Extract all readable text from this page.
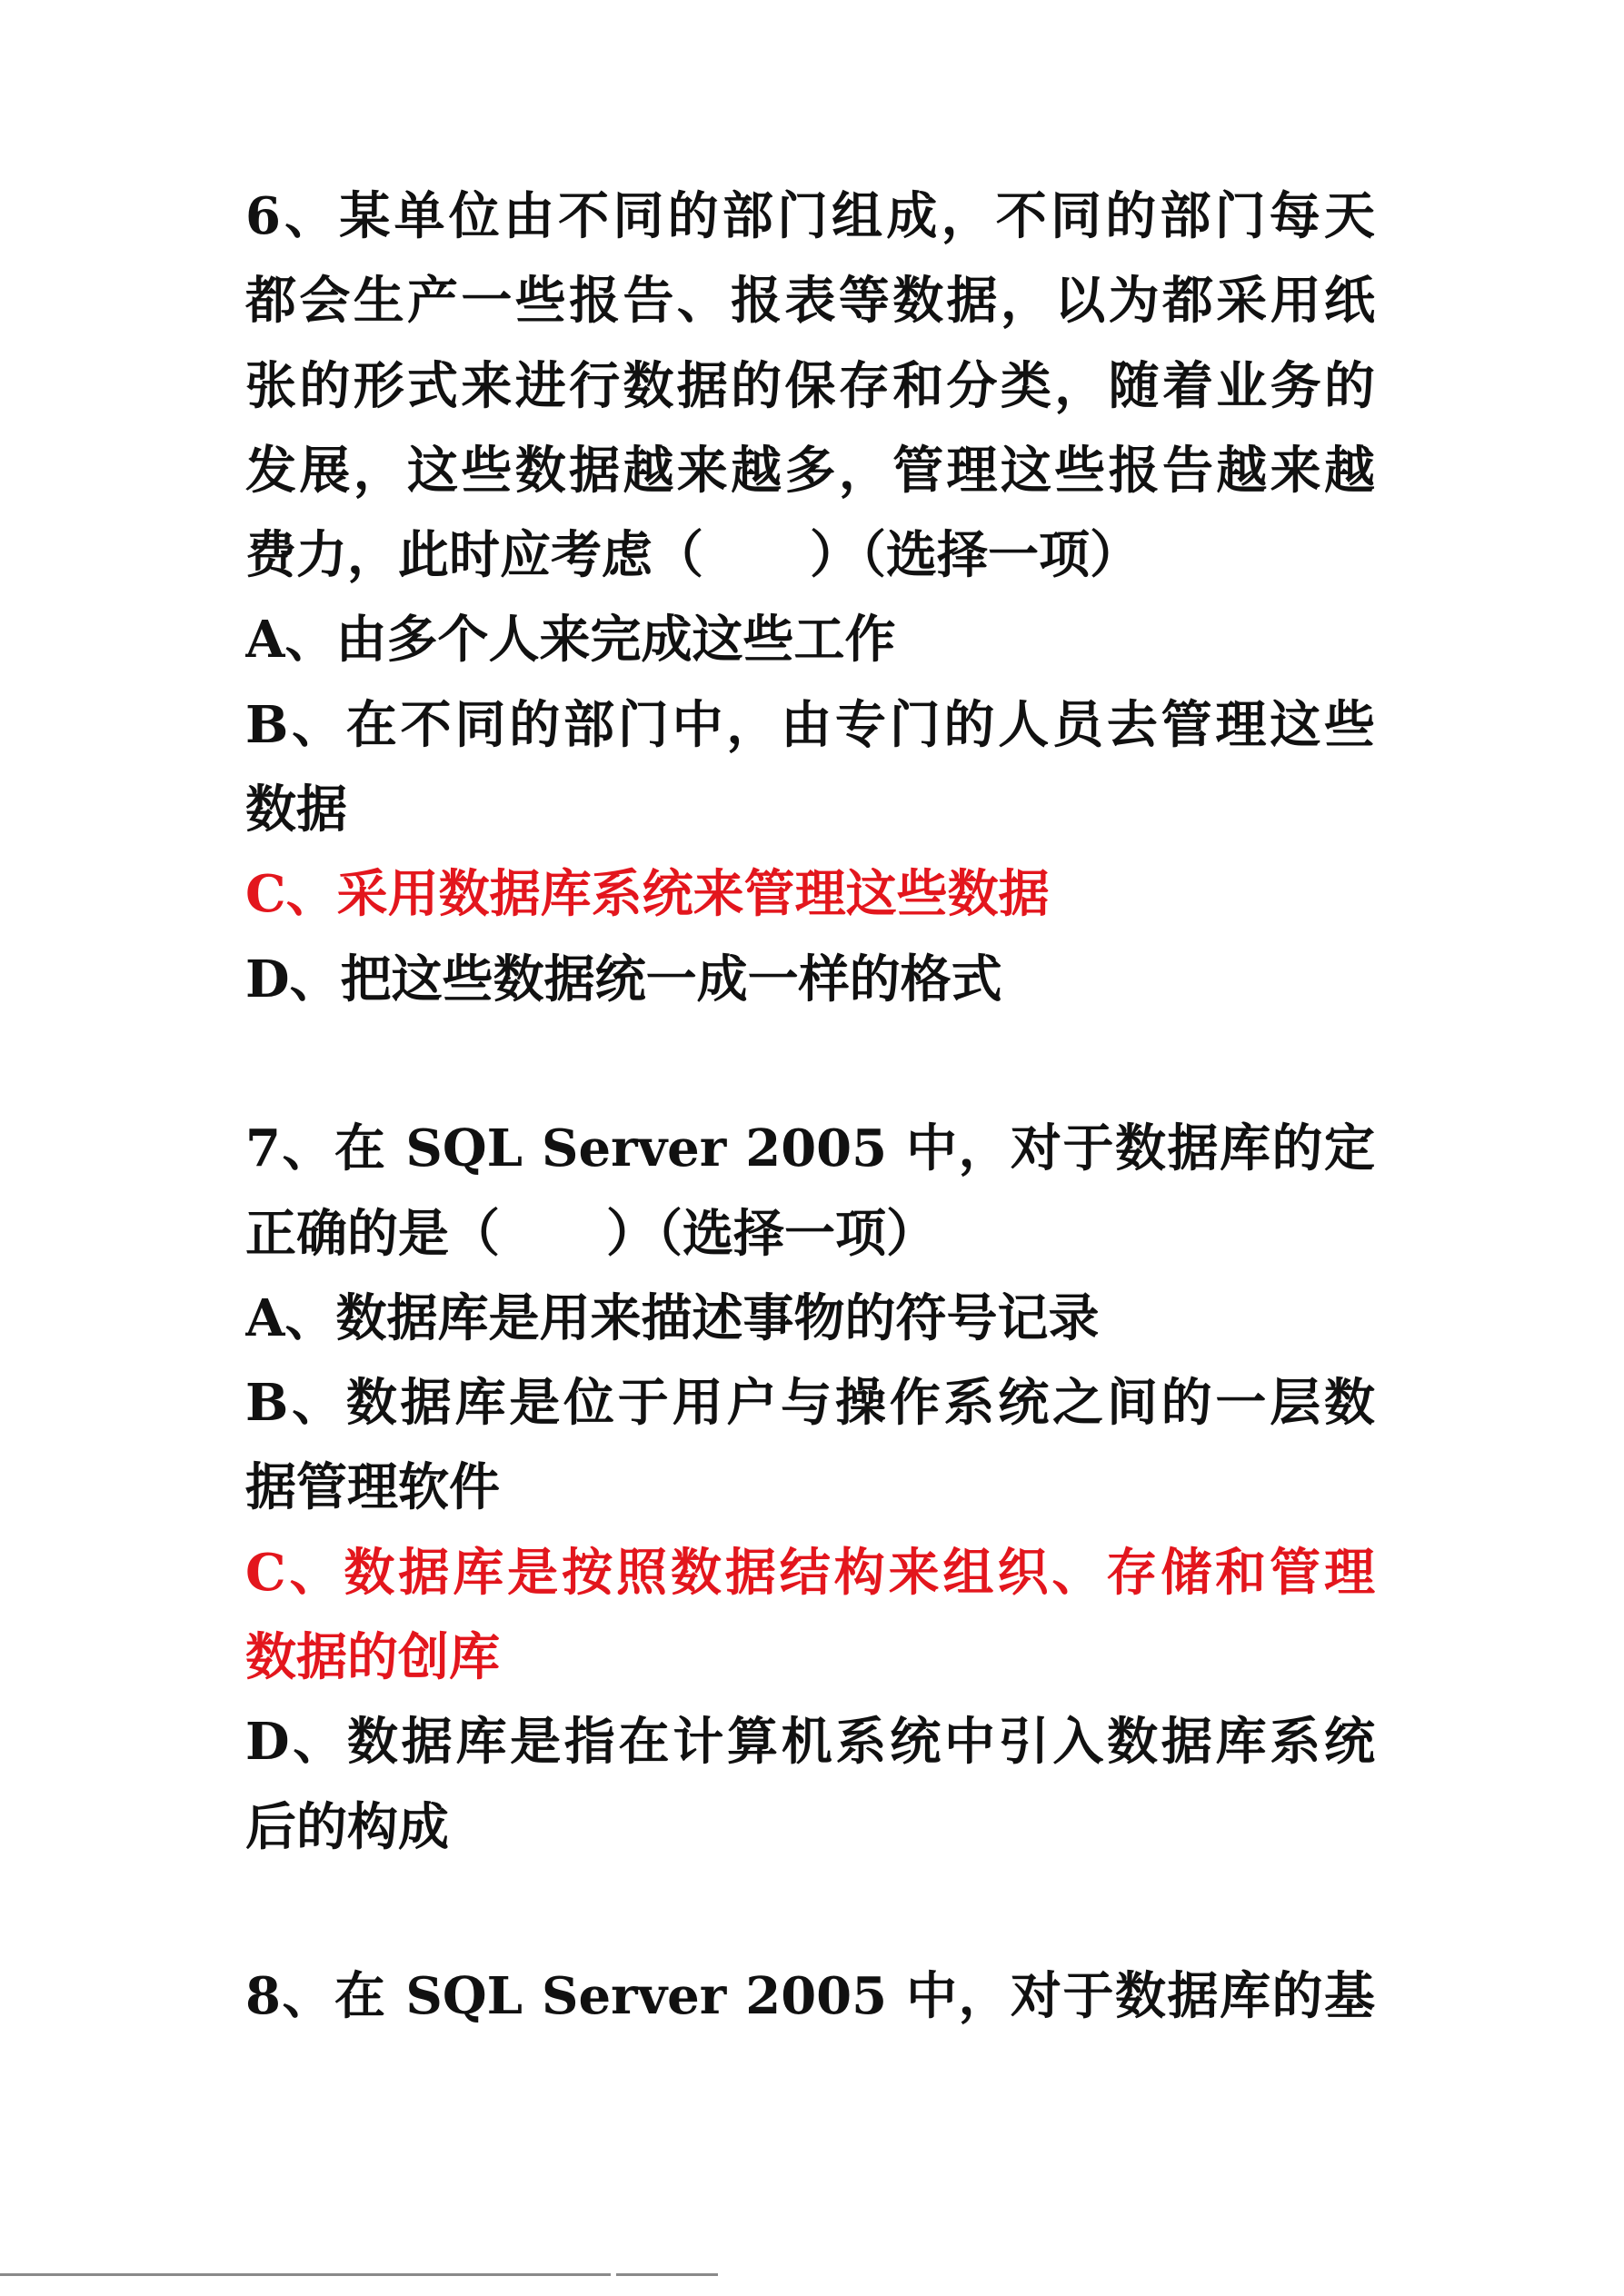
6、某单位由不同的部门组成，不同的部门每天
都会生产一些报告、报表等数据，以为都采用纸
张的形式来进行数据的保存和分类，随着业务的
发展，这些数据越来越多，管理这些报告越来越
费力，此时应考虑（      ）（选择一项）
A、由多个人来完成这些工作
B、在不同的部门中，由专门的人员去管理这些
数据
C、采用数据库系统来管理这些数据
D、把这些数据统一成一样的格式
7、在 SQL Server 2005 中，对于数据库的定
正确的是（      ）（选择一项）
A、数据库是用来描述事物的符号记录
B、数据库是位于用户与操作系统之间的一层数
据管理软件
C、数据库是按照数据结构来组织、存储和管理
数据的创库
D、数据库是指在计算机系统中引入数据库系统
后的构成
8、在 SQL Server 2005 中，对于数据库的基
